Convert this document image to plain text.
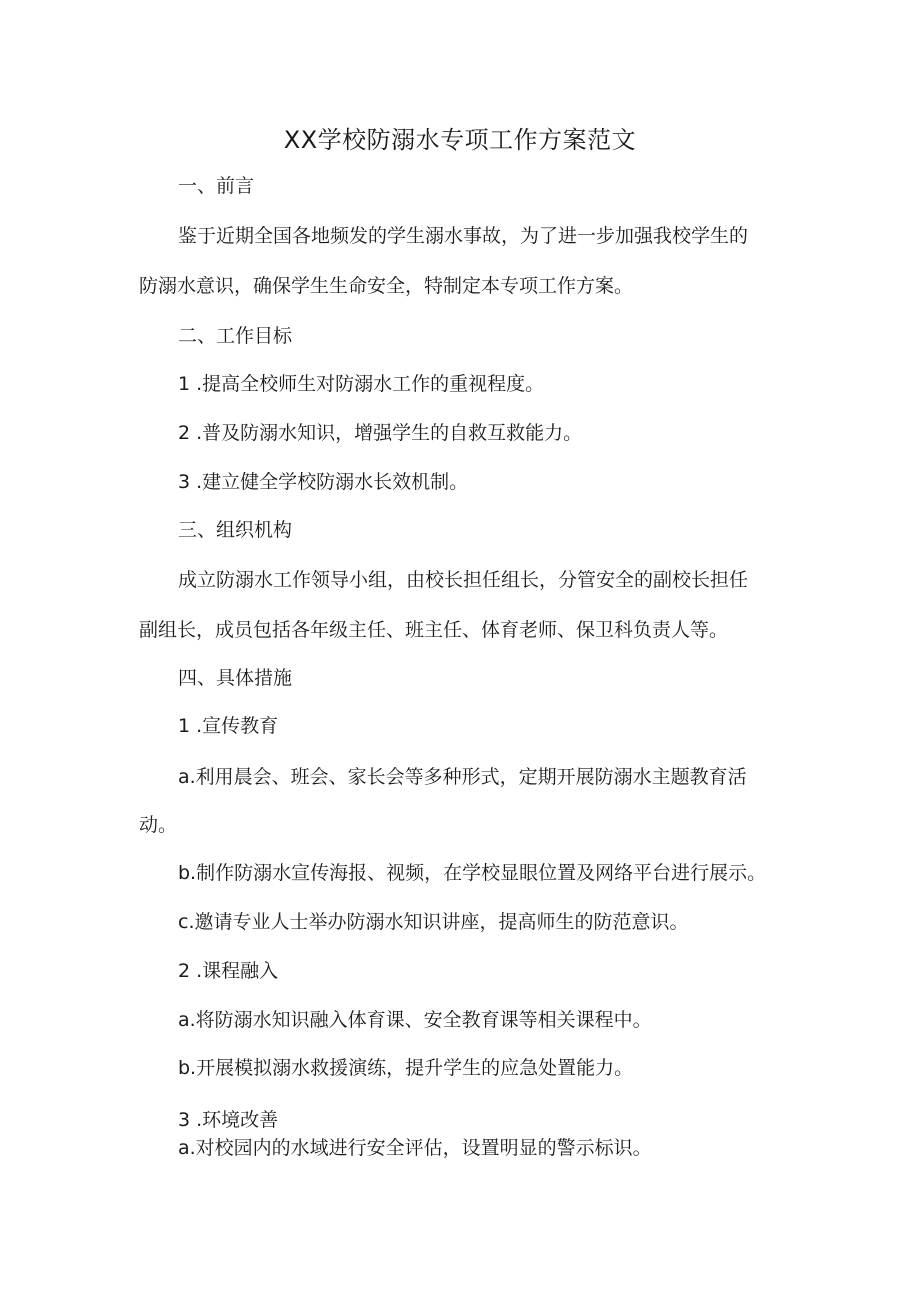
XX学校防溺水专项工作方案范文

一、前言

鉴于近期全国各地频发的学生溺水事故，为了进一步加强我校学生的

防溺水意识，确保学生生命安全，特制定本专项工作方案。

二、工作目标

1 .提高全校师生对防溺水工作的重视程度。

2 .普及防溺水知识，增强学生的自救互救能力。

3 .建立健全学校防溺水长效机制。

三、组织机构

成立防溺水工作领导小组，由校长担任组长，分管安全的副校长担任

副组长，成员包括各年级主任、班主任、体育老师、保卫科负责人等。

四、具体措施

1 .宣传教育

a.利用晨会、班会、家长会等多种形式，定期开展防溺水主题教育活

动。

b.制作防溺水宣传海报、视频，在学校显眼位置及网络平台进行展示。

c.邀请专业人士举办防溺水知识讲座，提高师生的防范意识。

2 .课程融入

a.将防溺水知识融入体育课、安全教育课等相关课程中。

b.开展模拟溺水救援演练，提升学生的应急处置能力。

3 .环境改善

a.对校园内的水域进行安全评估，设置明显的警示标识。
